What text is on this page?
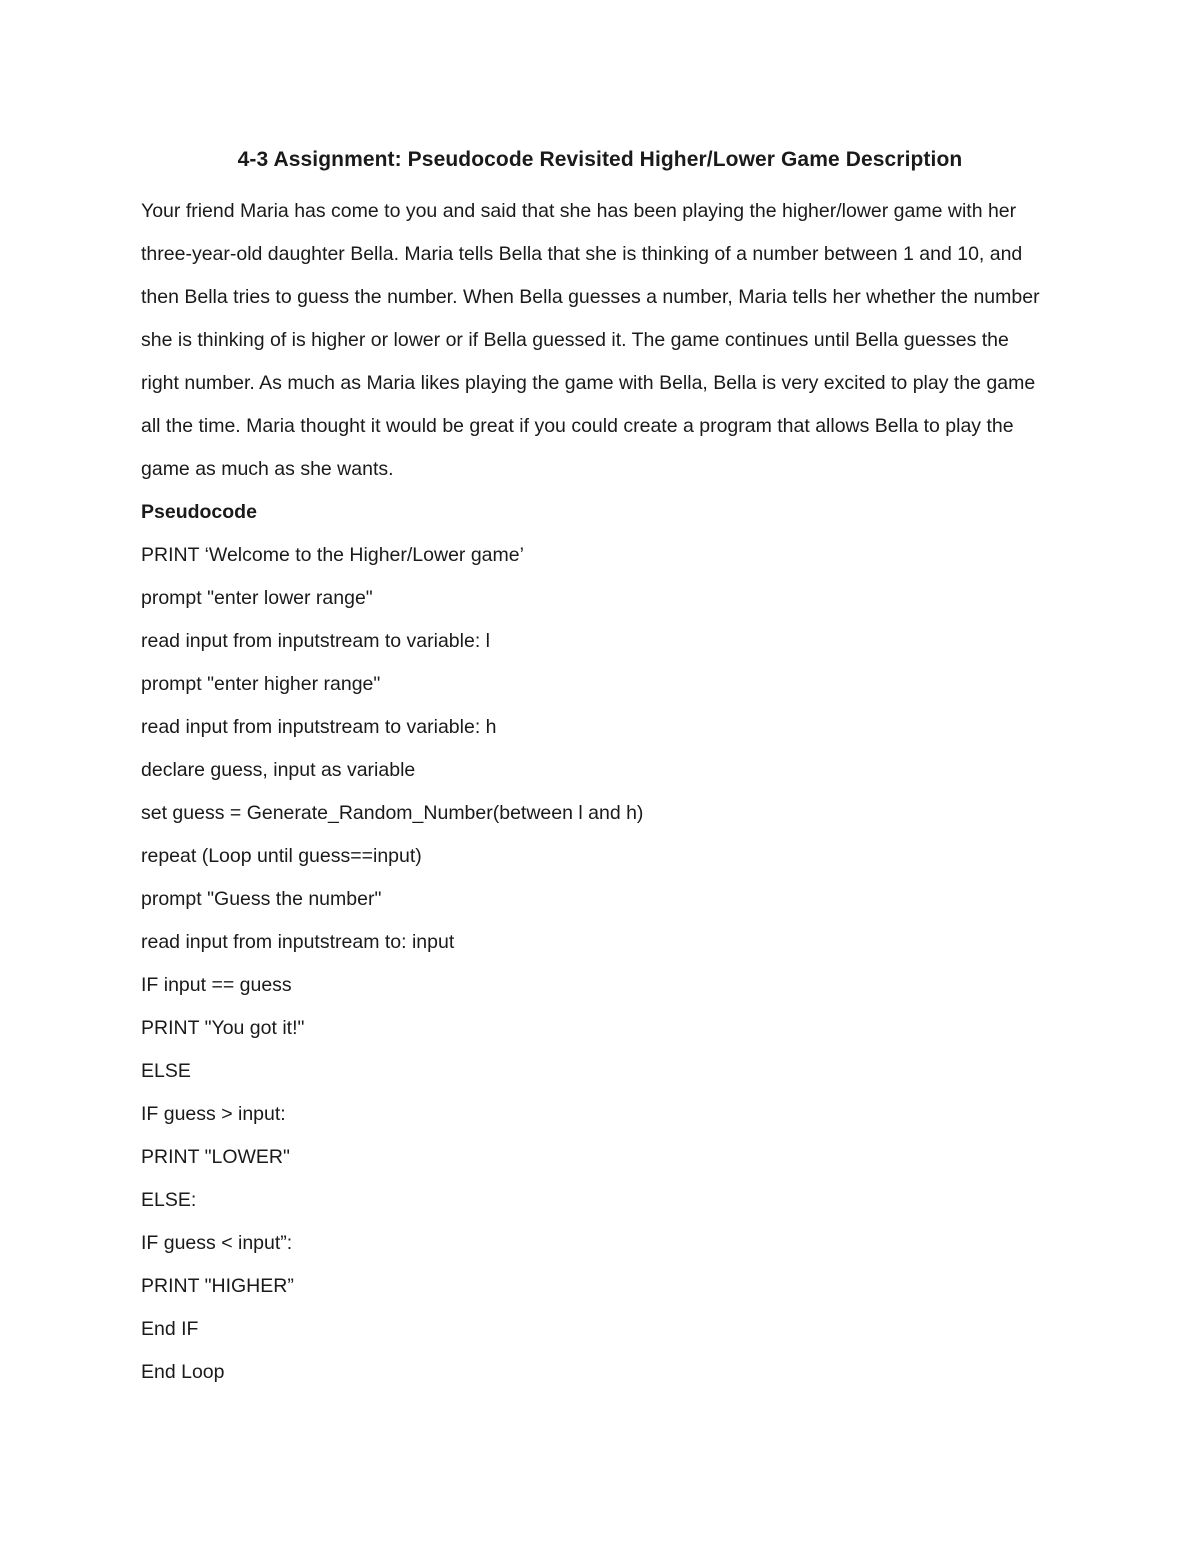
4-3 Assignment: Pseudocode Revisited Higher/Lower Game Description

Your friend Maria has come to you and said that she has been playing the higher/lower game with her three-year-old daughter Bella. Maria tells Bella that she is thinking of a number between 1 and 10, and then Bella tries to guess the number. When Bella guesses a number, Maria tells her whether the number she is thinking of is higher or lower or if Bella guessed it. The game continues until Bella guesses the right number. As much as Maria likes playing the game with Bella, Bella is very excited to play the game all the time. Maria thought it would be great if you could create a program that allows Bella to play the game as much as she wants.

Pseudocode

PRINT ‘Welcome to the Higher/Lower game’

prompt "enter lower range"

read input from inputstream to variable: l

prompt "enter higher range"

read input from inputstream to variable: h

declare guess, input as variable

set guess = Generate_Random_Number(between l and h)

repeat (Loop until guess==input)

prompt "Guess the number"

read input from inputstream to: input

IF input == guess

PRINT "You got it!"

ELSE

IF guess > input:

PRINT "LOWER"

ELSE:

IF guess < input”:

PRINT "HIGHER”

End IF

End Loop
